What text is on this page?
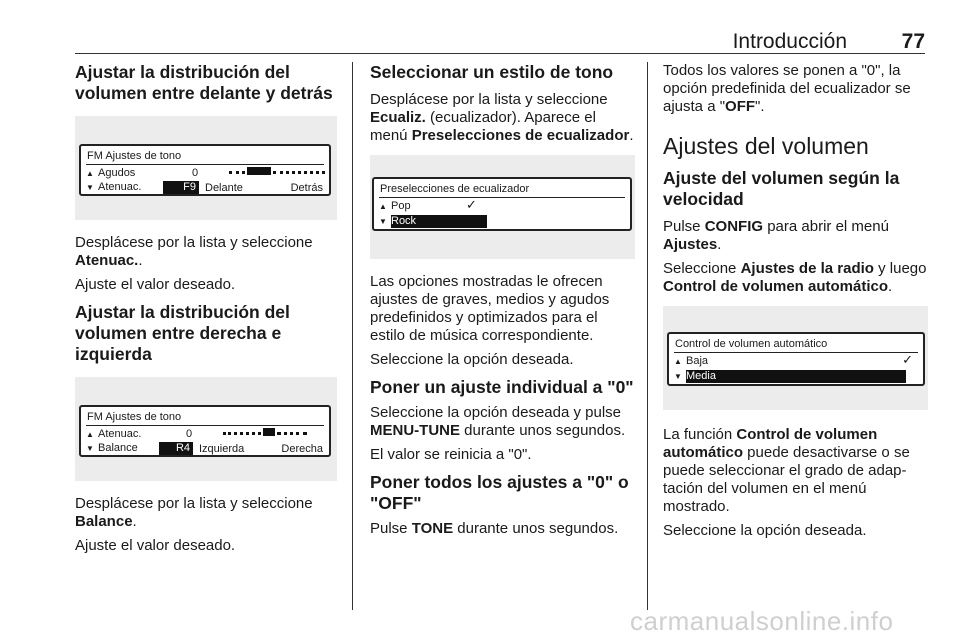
Introducción	77
Ajustar la distribución del volumen entre delante y detrás
FM Ajustes de tono
▲ Agudos	0
▼ Atenuac.	F9 Delante	Detrás

Desplácese por la lista y seleccione Atenuac..

Ajuste el valor deseado.

Ajustar la distribución del volumen entre derecha e izquierda
FM Ajustes de tono
▲ Atenuac.	0
▼ Balance	R4 Izquierda	Derecha

Desplácese por la lista y seleccione Balance.

Ajuste el valor deseado.

Seleccionar un estilo de tono

Desplácese por la lista y seleccione Ecualiz. (ecualizador). Aparece el menú Preselecciones de ecualizador.

Preselecciones de ecualizador
▲ Pop	✓
▼ Rock

Las opciones mostradas le ofrecen ajustes de graves, medios y agudos predefinidos y optimizados para el estilo de música correspondiente.

Seleccione la opción deseada.

Poner un ajuste individual a "0"

Seleccione la opción deseada y pulse MENU-TUNE durante unos segundos.

El valor se reinicia a "0".

Poner todos los ajustes a "0" o "OFF"

Pulse TONE durante unos segundos.

Todos los valores se ponen a "0", la opción predefinida del ecualizador se ajusta a "OFF".

Ajustes del volumen
Ajuste del volumen según la velocidad

Pulse CONFIG para abrir el menú Ajustes.

Seleccione Ajustes de la radio y luego Control de volumen automático.

Control de volumen automático
▲ Baja	✓
▼ Media

La función Control de volumen automático puede desactivarse o se puede seleccionar el grado de adaptación del volumen en el menú mostrado.

Seleccione la opción deseada.

carmanualsonline.info
